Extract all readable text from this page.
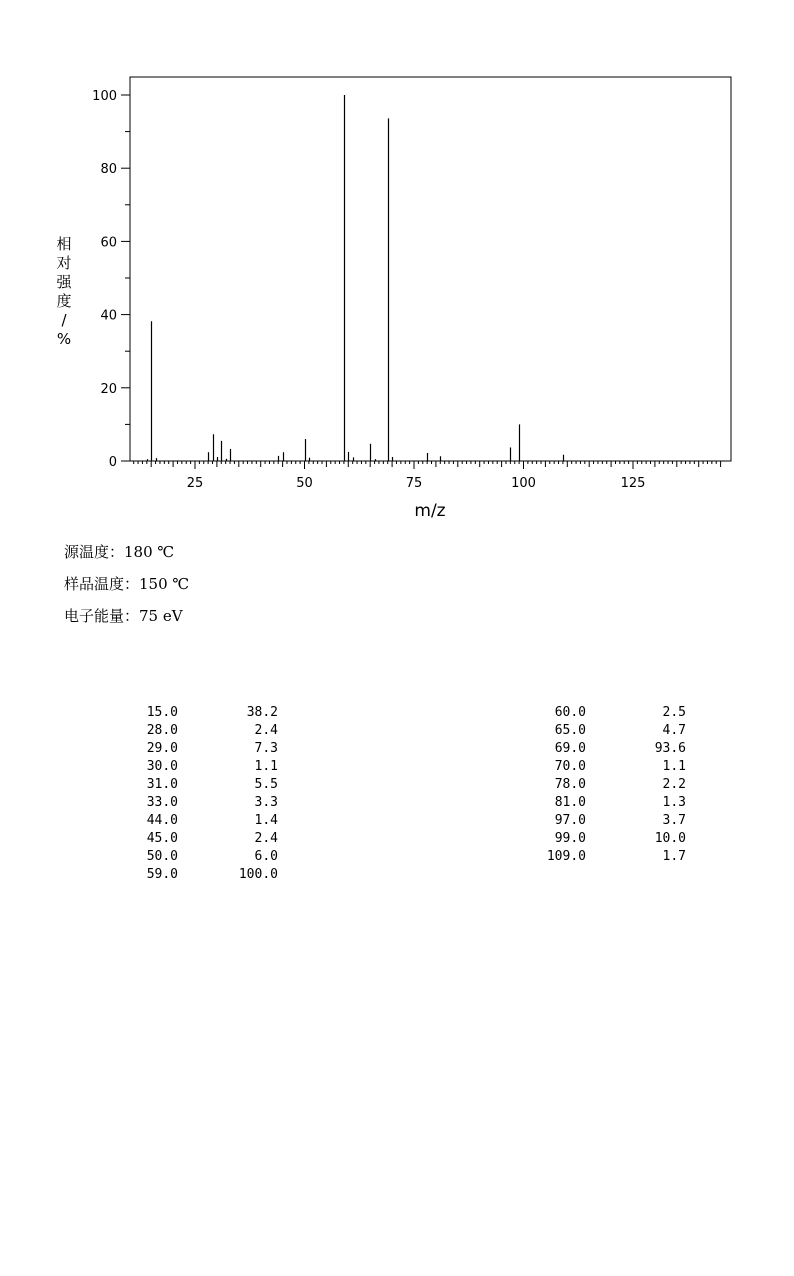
0
20
40
60
80
100
25	50	75	100	125
m/z
相对强度/ %
源温度：180 ℃
样品温度：150 ℃
电子能量：75 eV
15.0	38.2
28.0	2.4
29.0	7.3
30.0	1.1
31.0	5.5
33.0	3.3
44.0	1.4
45.0	2.4
50.0	6.0
59.0	100.0
60.0	2.5
65.0	4.7
69.0	93.6
70.0	1.1
78.0	2.2
81.0	1.3
97.0	3.7
99.0	10.0
109.0	1.7
